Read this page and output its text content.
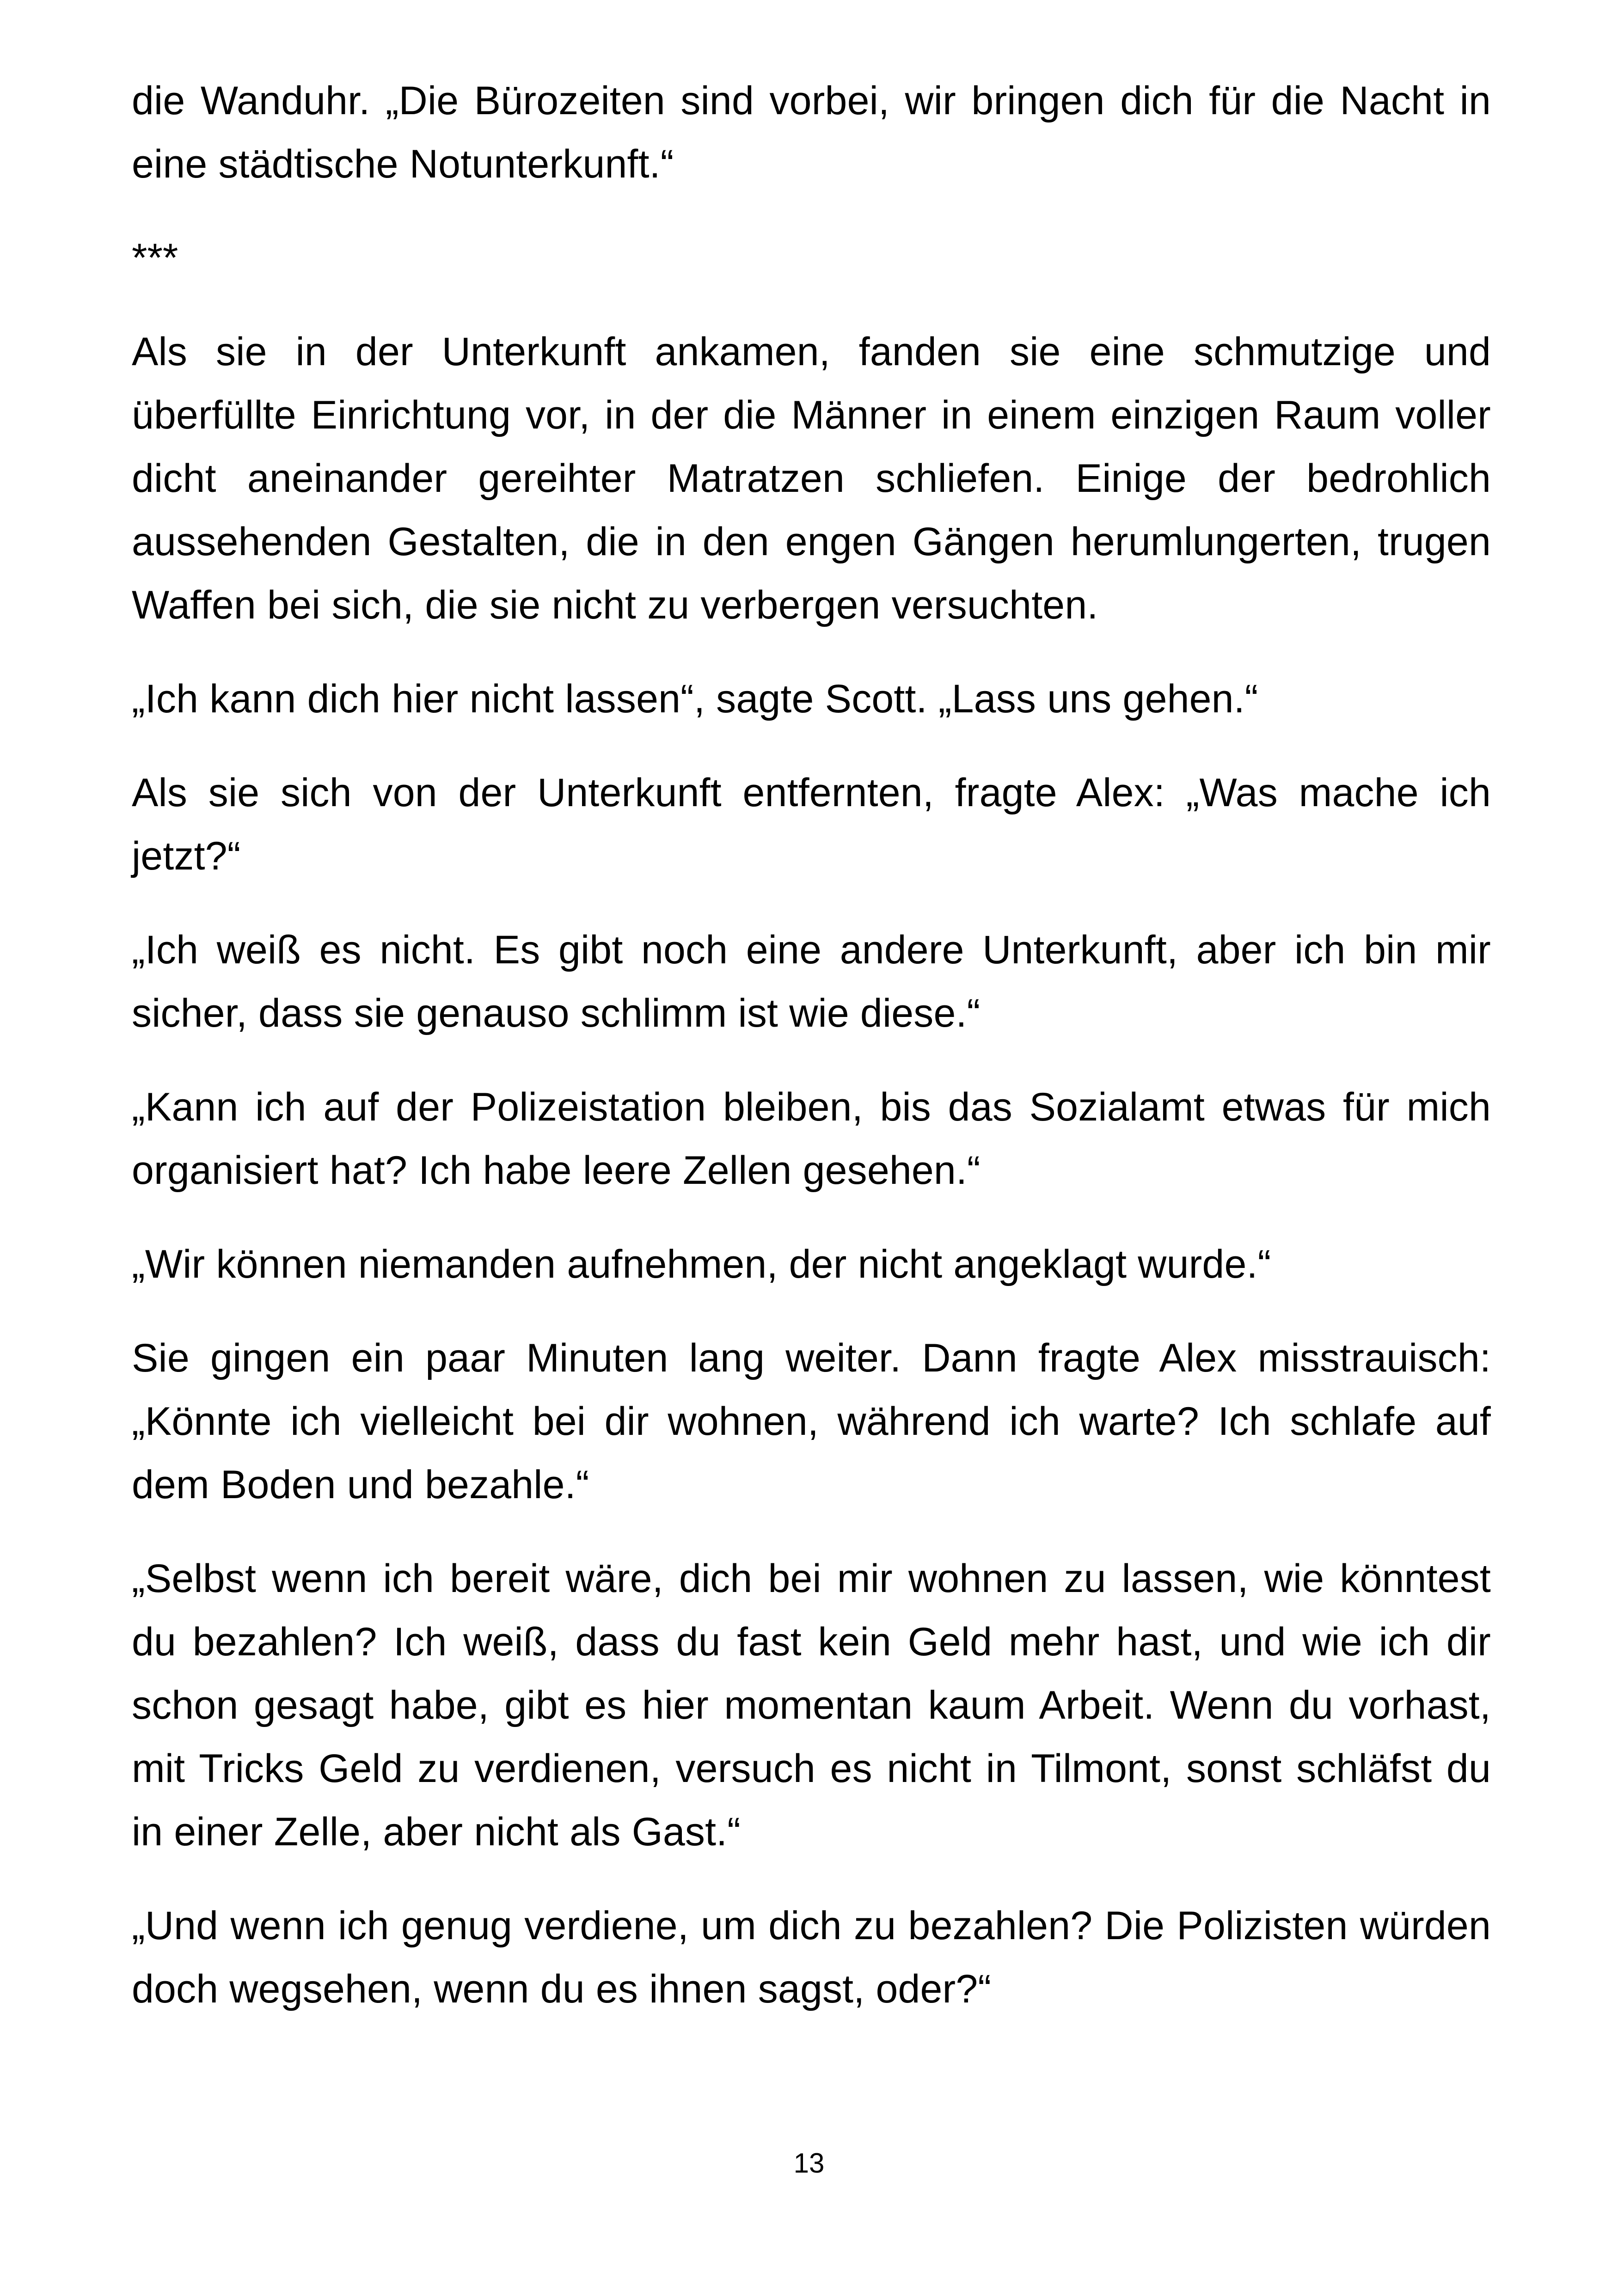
die Wanduhr. „Die Bürozeiten sind vorbei, wir bringen dich für die Nacht in eine städtische Notunterkunft.“

***

Als sie in der Unterkunft ankamen, fanden sie eine schmutzige und überfüllte Einrichtung vor, in der die Männer in einem einzigen Raum voller dicht aneinander gereihter Matratzen schliefen. Einige der bedrohlich aussehenden Gestalten, die in den engen Gängen herumlungerten, trugen Waffen bei sich, die sie nicht zu verbergen versuchten.

„Ich kann dich hier nicht lassen“, sagte Scott. „Lass uns gehen.“

Als sie sich von der Unterkunft entfernten, fragte Alex: „Was mache ich jetzt?“

„Ich weiß es nicht. Es gibt noch eine andere Unterkunft, aber ich bin mir sicher, dass sie genauso schlimm ist wie diese.“

„Kann ich auf der Polizeistation bleiben, bis das Sozialamt etwas für mich organisiert hat? Ich habe leere Zellen gesehen.“

„Wir können niemanden aufnehmen, der nicht angeklagt wurde.“

Sie gingen ein paar Minuten lang weiter. Dann fragte Alex misstrauisch: „Könnte ich vielleicht bei dir wohnen, während ich warte? Ich schlafe auf dem Boden und bezahle.“

„Selbst wenn ich bereit wäre, dich bei mir wohnen zu lassen, wie könntest du bezahlen? Ich weiß, dass du fast kein Geld mehr hast, und wie ich dir schon gesagt habe, gibt es hier momentan kaum Arbeit. Wenn du vorhast, mit Tricks Geld zu verdienen, versuch es nicht in Tilmont, sonst schläfst du in einer Zelle, aber nicht als Gast.“

„Und wenn ich genug verdiene, um dich zu bezahlen? Die Polizisten würden doch wegsehen, wenn du es ihnen sagst, oder?“

13
